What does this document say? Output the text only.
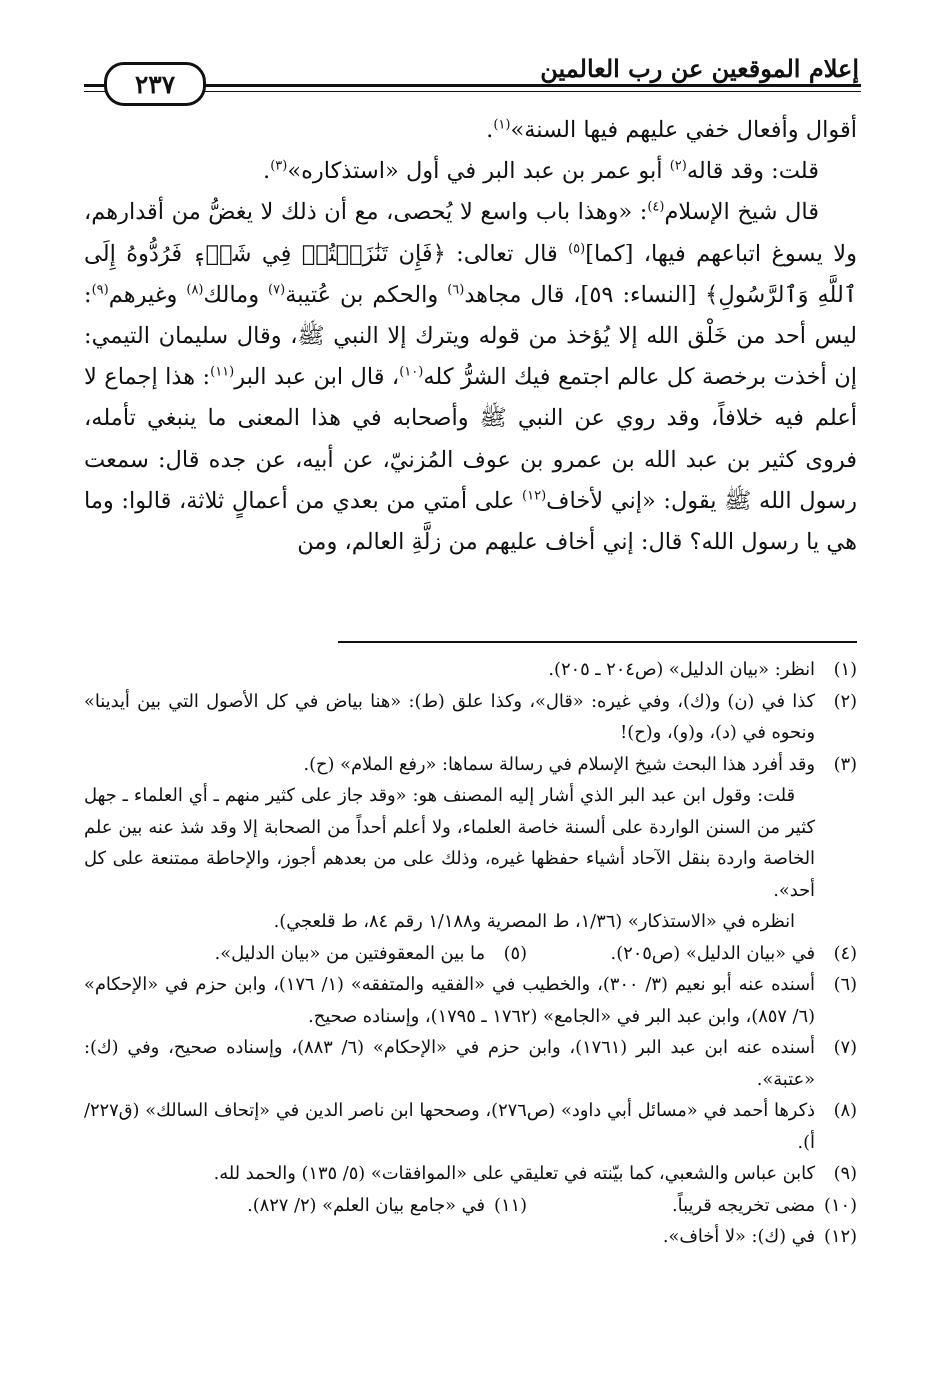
إعلام الموقعين عن رب العالمين
٢٣٧

أقوال وأفعال خفي عليهم فيها السنة»$^{(١)}$.

قلت: وقد قاله$^{(٢)}$ أبو عمر بن عبد البر في أول «استذكاره»$^{(٣)}$.

قال شيخ الإسلام$^{(٤)}$: «وهذا باب واسع لا يُحصى، مع أن ذلك لا يغضُّ من أقدارهم، ولا يسوغ اتباعهم فيها، [كما]$^{(٥)}$ قال تعالى: ﴿فَإِن تَنَٰزَعۡتُمۡ فِي شَيۡءٖ فَرُدُّوهُ إِلَى ٱللَّهِ وَٱلرَّسُولِ﴾ [النساء: ٥٩]، قال مجاهد$^{(٦)}$ والحكم بن عُتيبة$^{(٧)}$ ومالك$^{(٨)}$ وغيرهم$^{(٩)}$: ليس أحد من خَلْق الله إلا يُؤخذ من قوله ويترك إلا النبي ﷺ، وقال سليمان التيمي: إن أخذت برخصة كل عالم اجتمع فيك الشرُّ كله$^{(١٠)}$، قال ابن عبد البر$^{(١١)}$: هذا إجماع لا أعلم فيه خلافاً، وقد روي عن النبي ﷺ وأصحابه في هذا المعنى ما ينبغي تأمله، فروى كثير بن عبد الله بن عمرو بن عوف المُزنيّ، عن أبيه، عن جده قال: سمعت رسول الله ﷺ يقول: «إني لأخاف$^{(١٢)}$ على أمتي من بعدي من أعمالٍ ثلاثة، قالوا: وما هي يا رسول الله؟ قال: إني أخاف عليهم من زلَّةِ العالم، ومن

(١)
انظر: «بيان الدليل» (ص٢٠٤ ـ ٢٠٥).
(٢)
كذا في (ن) و(ك)، وفي غيره: «قال»، وكذا علق (ط): «هنا بياض في كل الأصول التي بين أيدينا» ونحوه في (د)، و(و)، و(ح)!
(٣)
وقد أفرد هذا البحث شيخ الإسلام في رسالة سماها: «رفع الملام» (ح).
قلت: وقول ابن عبد البر الذي أشار إليه المصنف هو: «وقد جاز على كثير منهم ـ أي العلماء ـ جهل كثير من السنن الواردة على ألسنة خاصة العلماء، ولا أعلم أحداً من الصحابة إلا وقد شذ عنه بين علم الخاصة واردة بنقل الآحاد أشياء حفظها غيره، وذلك على من بعدهم أجوز، والإحاطة ممتنعة على كل أحد».
انظره في «الاستذكار» (١/٣٦، ط المصرية و١/١٨٨ رقم ٨٤، ط قلعجي).
(٤)
في «بيان الدليل» (ص٢٠٥).
(٥)
ما بين المعقوفتين من «بيان الدليل».
(٦)
أسنده عنه أبو نعيم (٣/ ٣٠٠)، والخطيب في «الفقيه والمتفقه» (١/ ١٧٦)، وابن حزم في «الإحكام» (٦/ ٨٥٧)، وابن عبد البر في «الجامع» (١٧٦٢ ـ ١٧٩٥)، وإسناده صحيح.
(٧)
أسنده عنه ابن عبد البر (١٧٦١)، وابن حزم في «الإحكام» (٦/ ٨٨٣)، وإسناده صحيح، وفي (ك): «عتبة».
(٨)
ذكرها أحمد في «مسائل أبي داود» (ص٢٧٦)، وصححها ابن ناصر الدين في «إتحاف السالك» (ق٢٢٧/ أ).
(٩)
كابن عباس والشعبي، كما بيّنته في تعليقي على «الموافقات» (٥/ ١٣٥) والحمد لله.
(١٠)
مضى تخريجه قريباً.
(١١)
في «جامع بيان العلم» (٢/ ٨٢٧).
(١٢)
في (ك): «لا أخاف».
